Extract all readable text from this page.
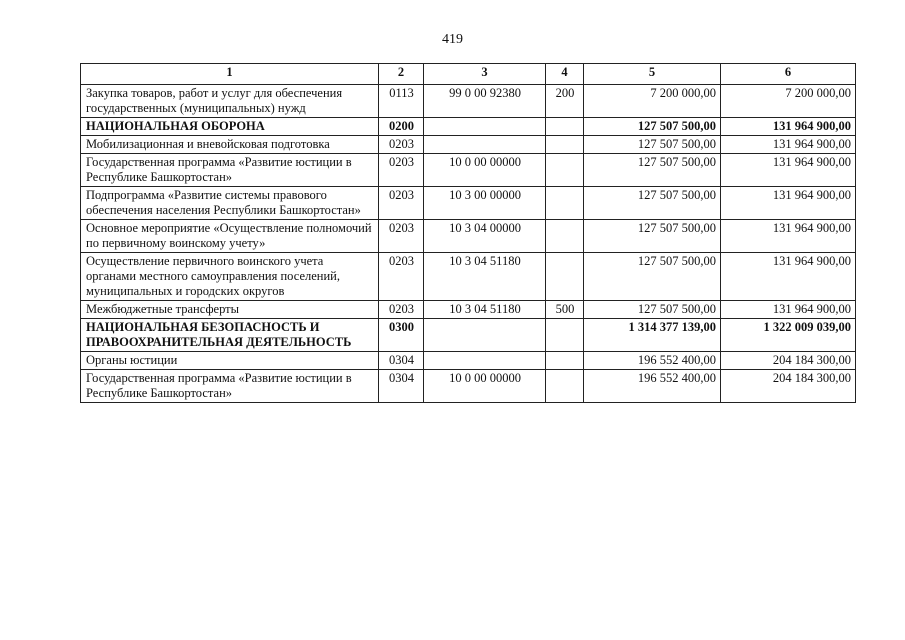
419
1	2	3	4	5	6
Закупка товаров, работ и услуг для обеспечения государственных (муниципальных) нужд	0113	99 0 00 92380	200	7 200 000,00	7 200 000,00
НАЦИОНАЛЬНАЯ ОБОРОНА	0200			127 507 500,00	131 964 900,00
Мобилизационная и вневойсковая подготовка	0203			127 507 500,00	131 964 900,00
Государственная программа «Развитие юстиции в Республике Башкортостан»	0203	10 0 00 00000		127 507 500,00	131 964 900,00
Подпрограмма «Развитие системы правового обеспечения населения Республики Башкортостан»	0203	10 3 00 00000		127 507 500,00	131 964 900,00
Основное мероприятие «Осуществление полномочий по первичному воинскому учету»	0203	10 3 04 00000		127 507 500,00	131 964 900,00
Осуществление первичного воинского учета органами местного самоуправления поселений, муниципальных и городских округов	0203	10 3 04 51180		127 507 500,00	131 964 900,00
Межбюджетные трансферты	0203	10 3 04 51180	500	127 507 500,00	131 964 900,00
НАЦИОНАЛЬНАЯ БЕЗОПАСНОСТЬ И ПРАВООХРАНИТЕЛЬНАЯ ДЕЯТЕЛЬНОСТЬ	0300			1 314 377 139,00	1 322 009 039,00
Органы юстиции	0304			196 552 400,00	204 184 300,00
Государственная программа «Развитие юстиции в Республике Башкортостан»	0304	10 0 00 00000		196 552 400,00	204 184 300,00
